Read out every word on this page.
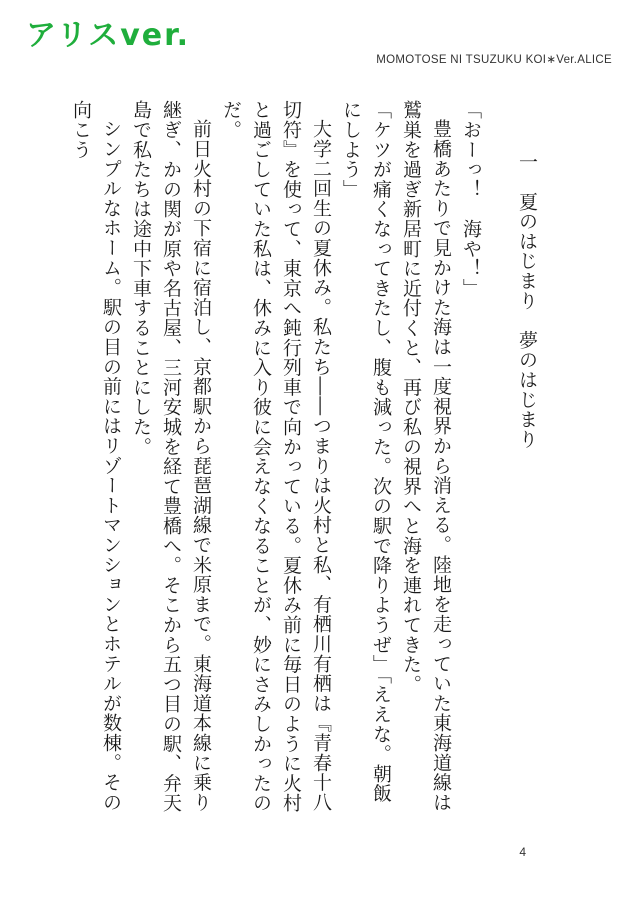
アリスver.
MOMOTOSE NI TSUZUKU KOI∗Ver.ALICE
一　夏のはじまり　夢のはじまり

「おーっ！　海や！」

豊橋あたりで見かけた海は一度視界から消える。陸地を走っていた東海道線は鷲巣を過ぎ新居町に近付くと、再び私の視界へと海を連れてきた。

「ケツが痛くなってきたし、腹も減った。次の駅で降りようぜ」「ええな。朝飯にしよう」

大学二回生の夏休み。私たち――つまりは火村と私、有栖川有栖は『青春十八切符』を使って、東京へ鈍行列車で向かっている。夏休み前に毎日のように火村と過ごしていた私は、休みに入り彼に会えなくなることが、妙にさみしかったのだ。

前日火村の下宿に宿泊し、京都駅から琵琶湖線で米原まで。東海道本線に乗り継ぎ、かの関が原や名古屋、三河安城を経て豊橋へ。そこから五つ目の駅、弁天島で私たちは途中下車することにした。

シンプルなホーム。駅の目の前にはリゾートマンションとホテルが数棟。その向こう

4
